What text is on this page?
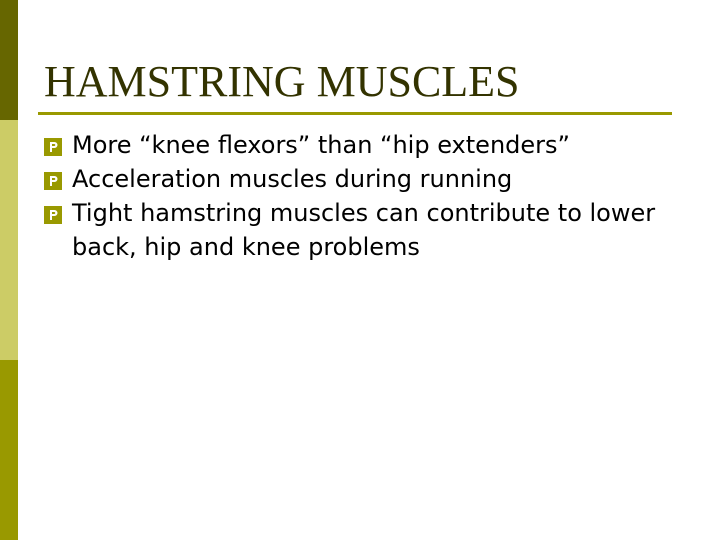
HAMSTRING MUSCLES
More “knee flexors” than “hip extenders”
Acceleration muscles during running
Tight hamstring muscles can contribute to lower back, hip and knee problems
